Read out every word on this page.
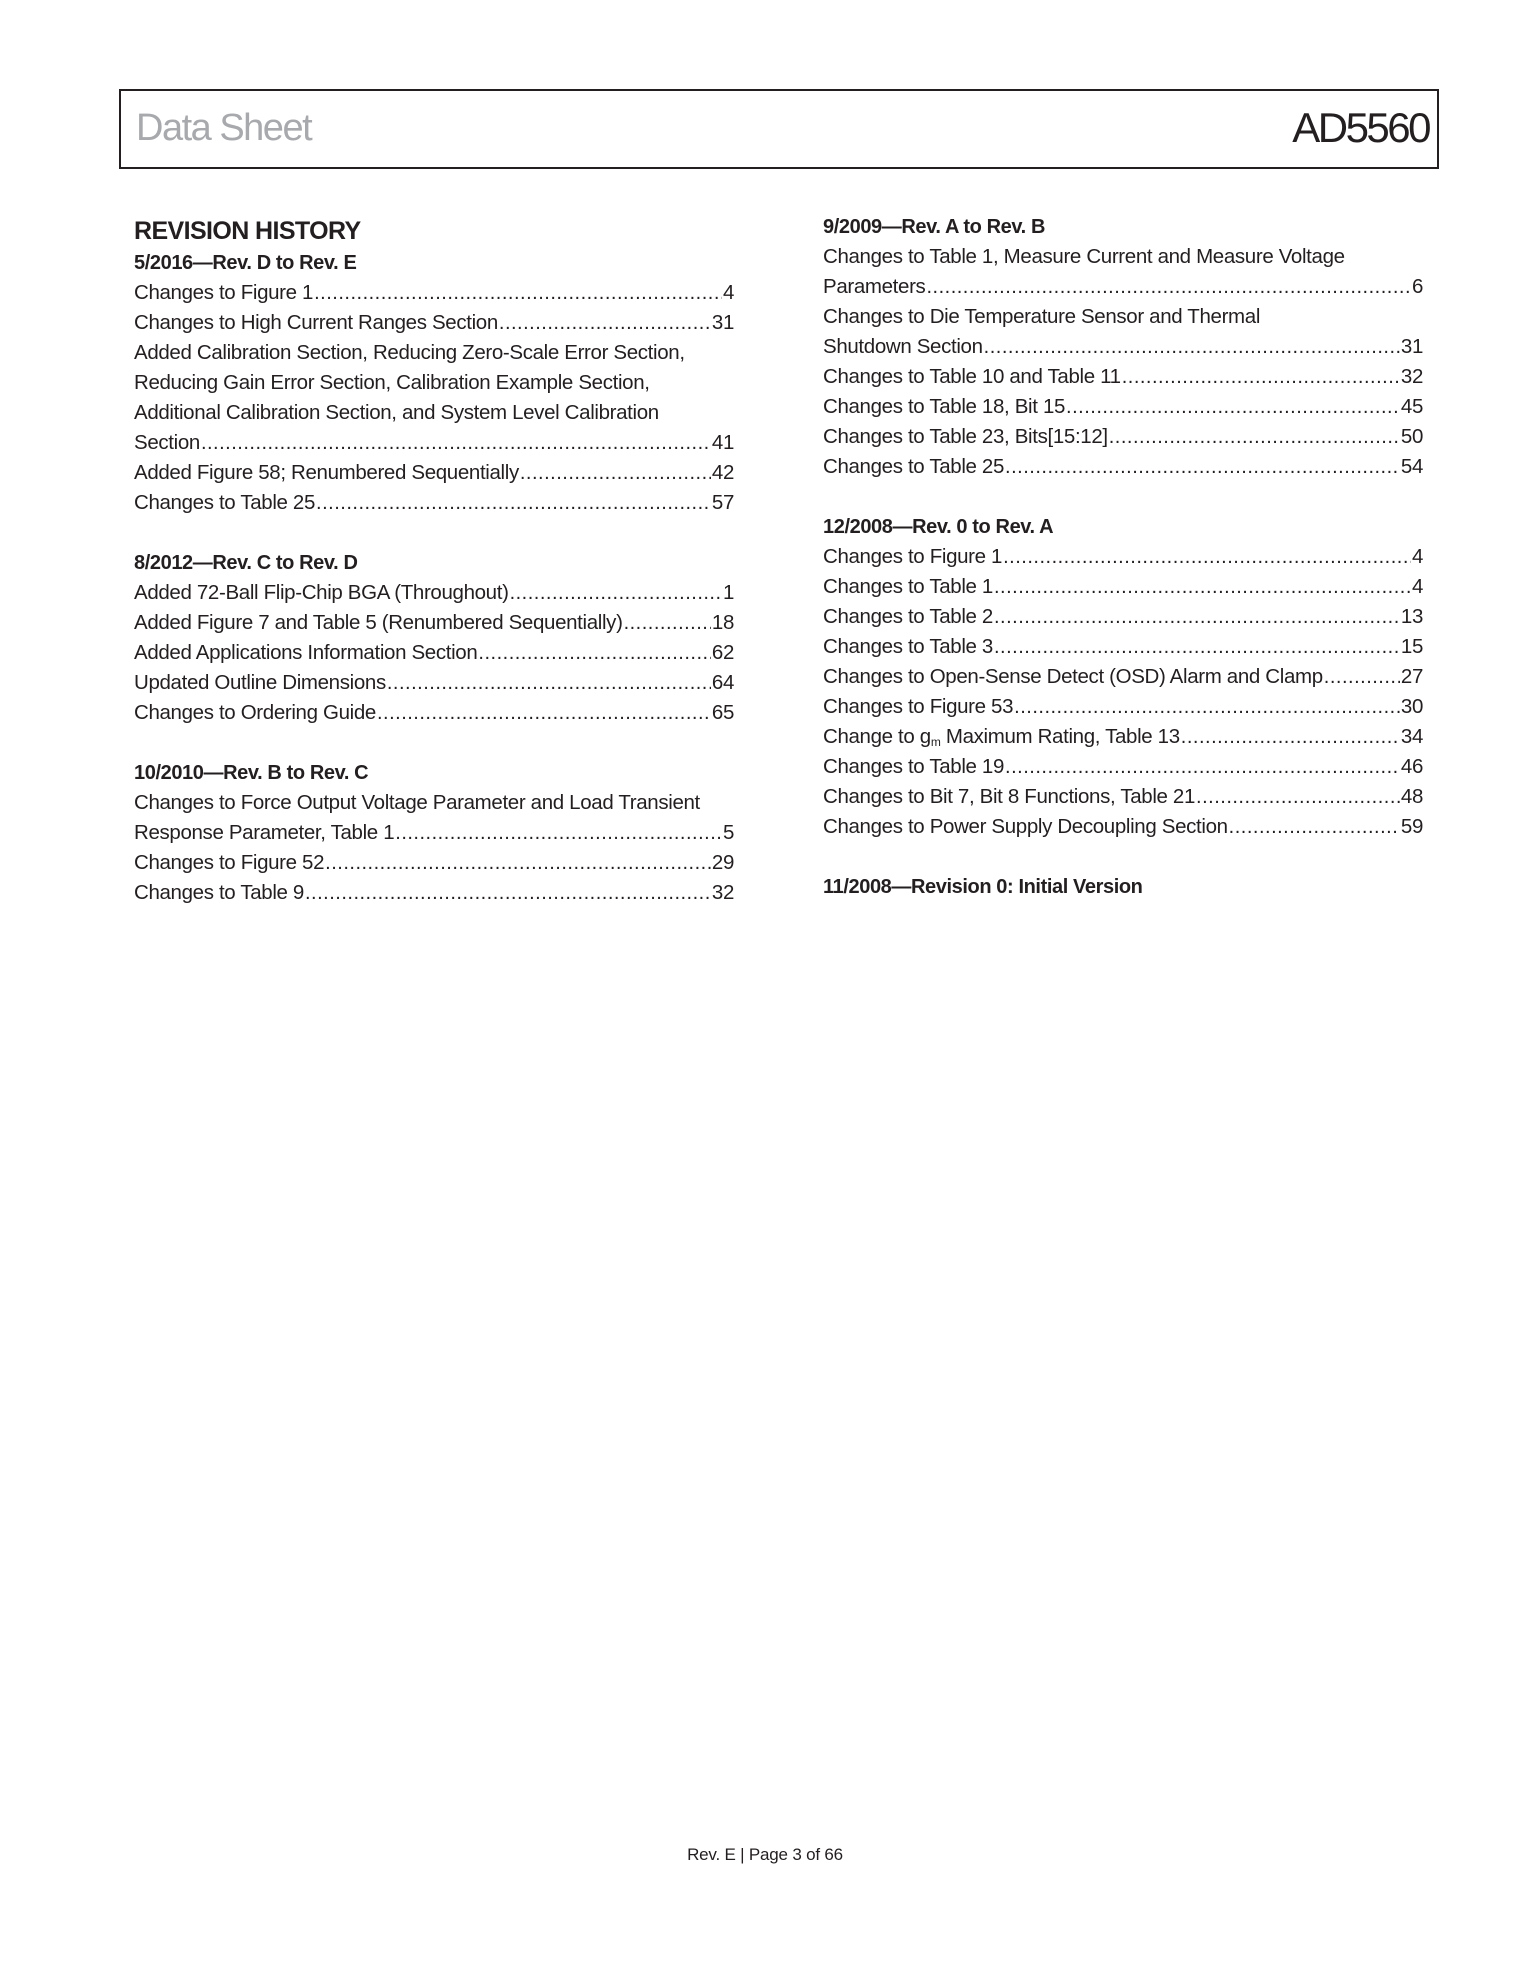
Data Sheet	AD5560
REVISION HISTORY
5/2016—Rev. D to Rev. E
Changes to Figure 1 .....	4
Changes to High Current Ranges Section .....	31
Added Calibration Section, Reducing Zero-Scale Error Section,
Reducing Gain Error Section, Calibration Example Section,
Additional Calibration Section, and System Level Calibration
Section .....	41
Added Figure 58; Renumbered Sequentially .....	42
Changes to Table 25 .....	57
8/2012—Rev. C to Rev. D
Added 72-Ball Flip-Chip BGA (Throughout) .....	1
Added Figure 7 and Table 5 (Renumbered Sequentially) .....	18
Added Applications Information Section .....	62
Updated Outline Dimensions .....	64
Changes to Ordering Guide .....	65
10/2010—Rev. B to Rev. C
Changes to Force Output Voltage Parameter and Load Transient
Response Parameter, Table 1 .....	5
Changes to Figure 52 .....	29
Changes to Table 9 .....	32
9/2009—Rev. A to Rev. B
Changes to Table 1, Measure Current and Measure Voltage
Parameters .....	6
Changes to Die Temperature Sensor and Thermal
Shutdown Section .....	31
Changes to Table 10 and Table 11 .....	32
Changes to Table 18, Bit 15 .....	45
Changes to Table 23, Bits[15:12] .....	50
Changes to Table 25 .....	54
12/2008—Rev. 0 to Rev. A
Changes to Figure 1 .....	4
Changes to Table 1 .....	4
Changes to Table 2 .....	13
Changes to Table 3 .....	15
Changes to Open-Sense Detect (OSD) Alarm and Clamp .....	27
Changes to Figure 53 .....	30
Change to $g_m$ Maximum Rating, Table 13 .....	34
Changes to Table 19 .....	46
Changes to Bit 7, Bit 8 Functions, Table 21 .....	48
Changes to Power Supply Decoupling Section .....	59
11/2008—Revision 0: Initial Version
Rev. E | Page 3 of 66
